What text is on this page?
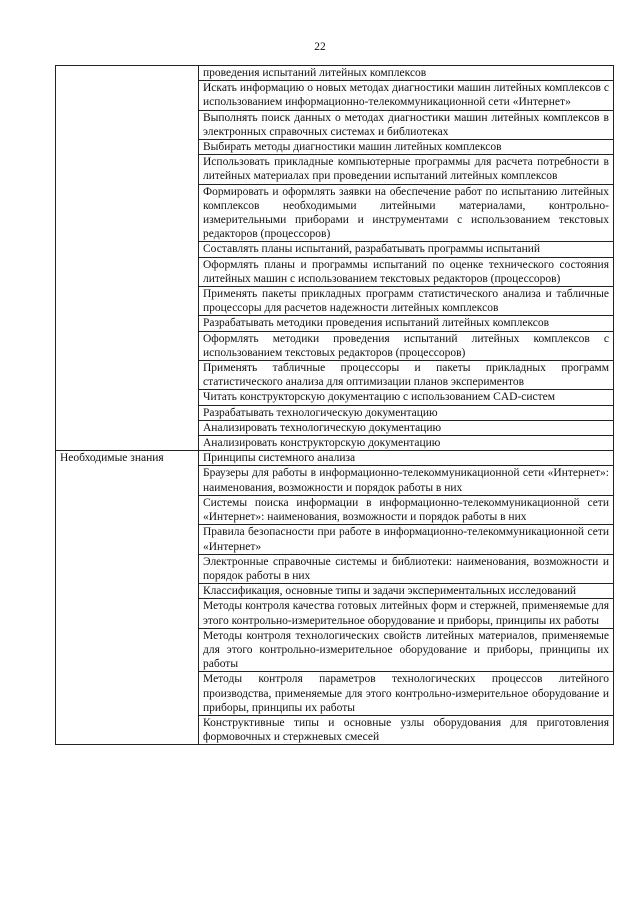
22
	проведения испытаний литейных комплексов
	Искать информацию о новых методах диагностики машин литейных комплексов с использованием информационно-телекоммуникационной сети «Интернет»
	Выполнять поиск данных о методах диагностики машин литейных комплексов в электронных справочных системах и библиотеках
	Выбирать методы диагностики машин литейных комплексов
	Использовать прикладные компьютерные программы для расчета потребности в литейных материалах при проведении испытаний литейных комплексов
	Формировать и оформлять заявки на обеспечение работ по испытанию литейных комплексов необходимыми литейными материалами, контрольно-измерительными приборами и инструментами с использованием текстовых редакторов (процессоров)
	Составлять планы испытаний, разрабатывать программы испытаний
	Оформлять планы и программы испытаний по оценке технического состояния литейных машин с использованием текстовых редакторов (процессоров)
	Применять пакеты прикладных программ статистического анализа и табличные процессоры для расчетов надежности литейных комплексов
	Разрабатывать методики проведения испытаний литейных комплексов
	Оформлять методики проведения испытаний литейных комплексов с использованием текстовых редакторов (процессоров)
	Применять табличные процессоры и пакеты прикладных программ статистического анализа для оптимизации планов экспериментов
	Читать конструкторскую документацию с использованием CAD-систем
	Разрабатывать технологическую документацию
	Анализировать технологическую документацию
	Анализировать конструкторскую документацию
Необходимые знания	Принципы системного анализа
	Браузеры для работы в информационно-телекоммуникационной сети «Интернет»: наименования, возможности и порядок работы в них
	Системы поиска информации в информационно-телекоммуникационной сети «Интернет»: наименования, возможности и порядок работы в них
	Правила безопасности при работе в информационно-телекоммуникационной сети «Интернет»
	Электронные справочные системы и библиотеки: наименования, возможности и порядок работы в них
	Классификация, основные типы и задачи экспериментальных исследований
	Методы контроля качества готовых литейных форм и стержней, применяемые для этого контрольно-измерительное оборудование и приборы, принципы их работы
	Методы контроля технологических свойств литейных материалов, применяемые для этого контрольно-измерительное оборудование и приборы, принципы их работы
	Методы контроля параметров технологических процессов литейного производства, применяемые для этого контрольно-измерительное оборудование и приборы, принципы их работы
	Конструктивные типы и основные узлы оборудования для приготовления формовочных и стержневых смесей
